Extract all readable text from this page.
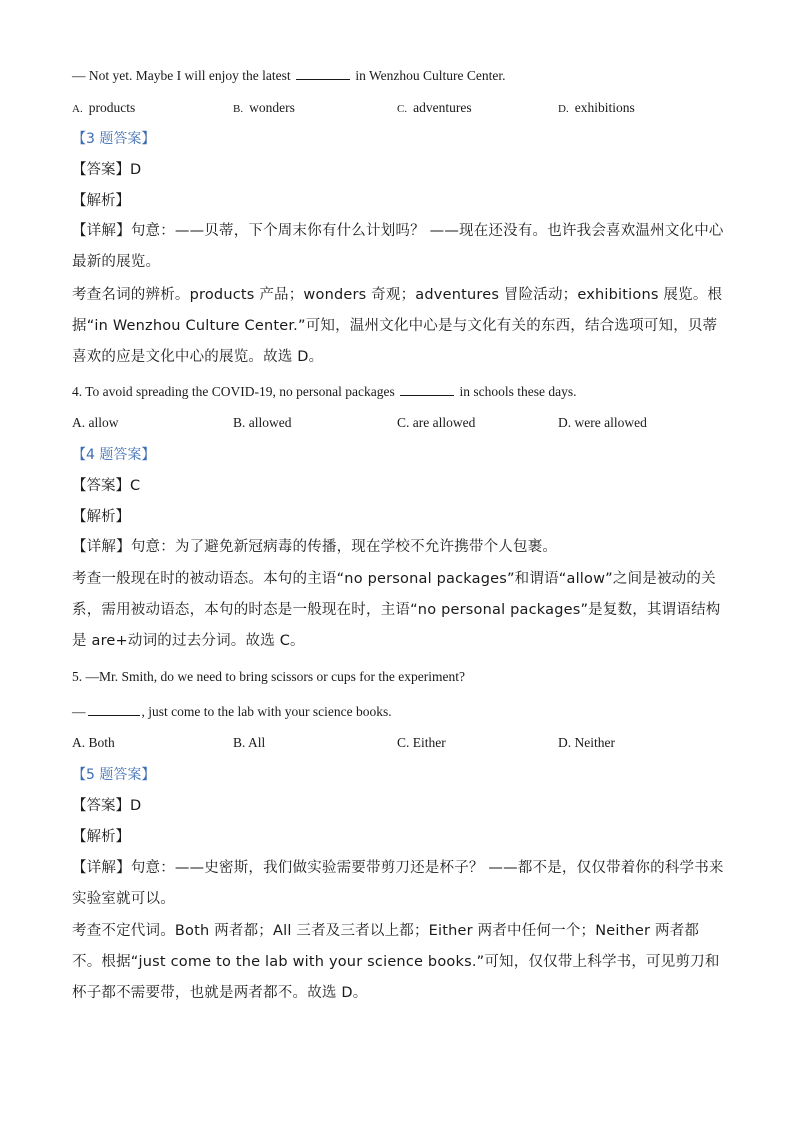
— Not yet. Maybe I will enjoy the latest	in Wenzhou Culture Center.
A. products	B. wonders	C. adventures	D. exhibitions
【3 题答案】
【答案】D
【解析】
【详解】句意：——贝蒂，下个周末你有什么计划吗？ ——现在还没有。也许我会喜欢温州文化中心最新的展览。
考查名词的辨析。products 产品；wonders 奇观；adventures 冒险活动；exhibitions 展览。根据“in Wenzhou Culture Center.”可知，温州文化中心是与文化有关的东西，结合选项可知，贝蒂喜欢的应是文化中心的展览。故选 D。
4. To avoid spreading the COVID-19, no personal packages	in schools these days.
A. allow	B. allowed	C. are allowed	D. were allowed
【4 题答案】
【答案】C
【解析】
【详解】句意：为了避免新冠病毒的传播，现在学校不允许携带个人包裹。
考查一般现在时的被动语态。本句的主语“no personal packages”和谓语“allow”之间是被动的关系，需用被动语态，本句的时态是一般现在时，主语“no personal packages”是复数，其谓语结构是 are+动词的过去分词。故选 C。
5. —Mr. Smith, do we need to bring scissors or cups for the experiment?
—	, just come to the lab with your science books.
A. Both	B. All	C. Either	D. Neither
【5 题答案】
【答案】D
【解析】
【详解】句意：——史密斯，我们做实验需要带剪刀还是杯子？ ——都不是，仅仅带着你的科学书来实验室就可以。
考查不定代词。Both 两者都；All 三者及三者以上都；Either 两者中任何一个；Neither 两者都不。根据“just come to the lab with your science books.”可知，仅仅带上科学书，可见剪刀和杯子都不需要带，也就是两者都不。故选 D。
